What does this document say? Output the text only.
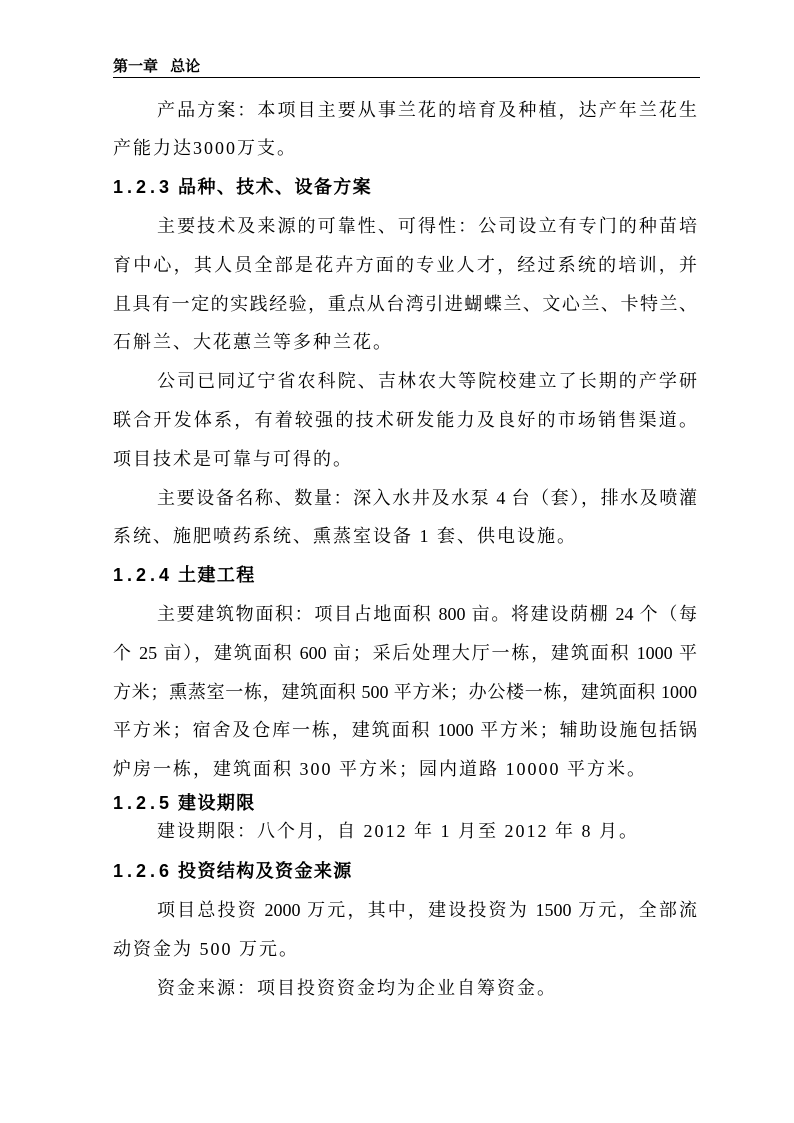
第一章 总论
产品方案：本项目主要从事兰花的培育及种植，达产年兰花生
产能力达3000万支。
1.2.3 品种、技术、设备方案
主要技术及来源的可靠性、可得性：公司设立有专门的种苗培
育中心，其人员全部是花卉方面的专业人才，经过系统的培训，并
且具有一定的实践经验，重点从台湾引进蝴蝶兰、文心兰、卡特兰、
石斛兰、大花蕙兰等多种兰花。
公司已同辽宁省农科院、吉林农大等院校建立了长期的产学研
联合开发体系，有着较强的技术研发能力及良好的市场销售渠道。
项目技术是可靠与可得的。
主要设备名称、数量：深入水井及水泵 4 台（套），排水及喷灌
系统、施肥喷药系统、熏蒸室设备 1 套、供电设施。
1.2.4 土建工程
主要建筑物面积：项目占地面积 800 亩。将建设荫棚 24 个（每
个 25 亩），建筑面积 600 亩；采后处理大厅一栋，建筑面积 1000 平
方米；熏蒸室一栋，建筑面积 500 平方米；办公楼一栋，建筑面积 1000
平方米；宿舍及仓库一栋，建筑面积 1000 平方米；辅助设施包括锅
炉房一栋，建筑面积 300 平方米；园内道路 10000 平方米。
1.2.5 建设期限
建设期限：八个月，自 2012 年 1 月至 2012 年 8 月。
1.2.6 投资结构及资金来源
项目总投资 2000 万元，其中，建设投资为 1500 万元，全部流
动资金为 500 万元。
资金来源：项目投资资金均为企业自筹资金。
